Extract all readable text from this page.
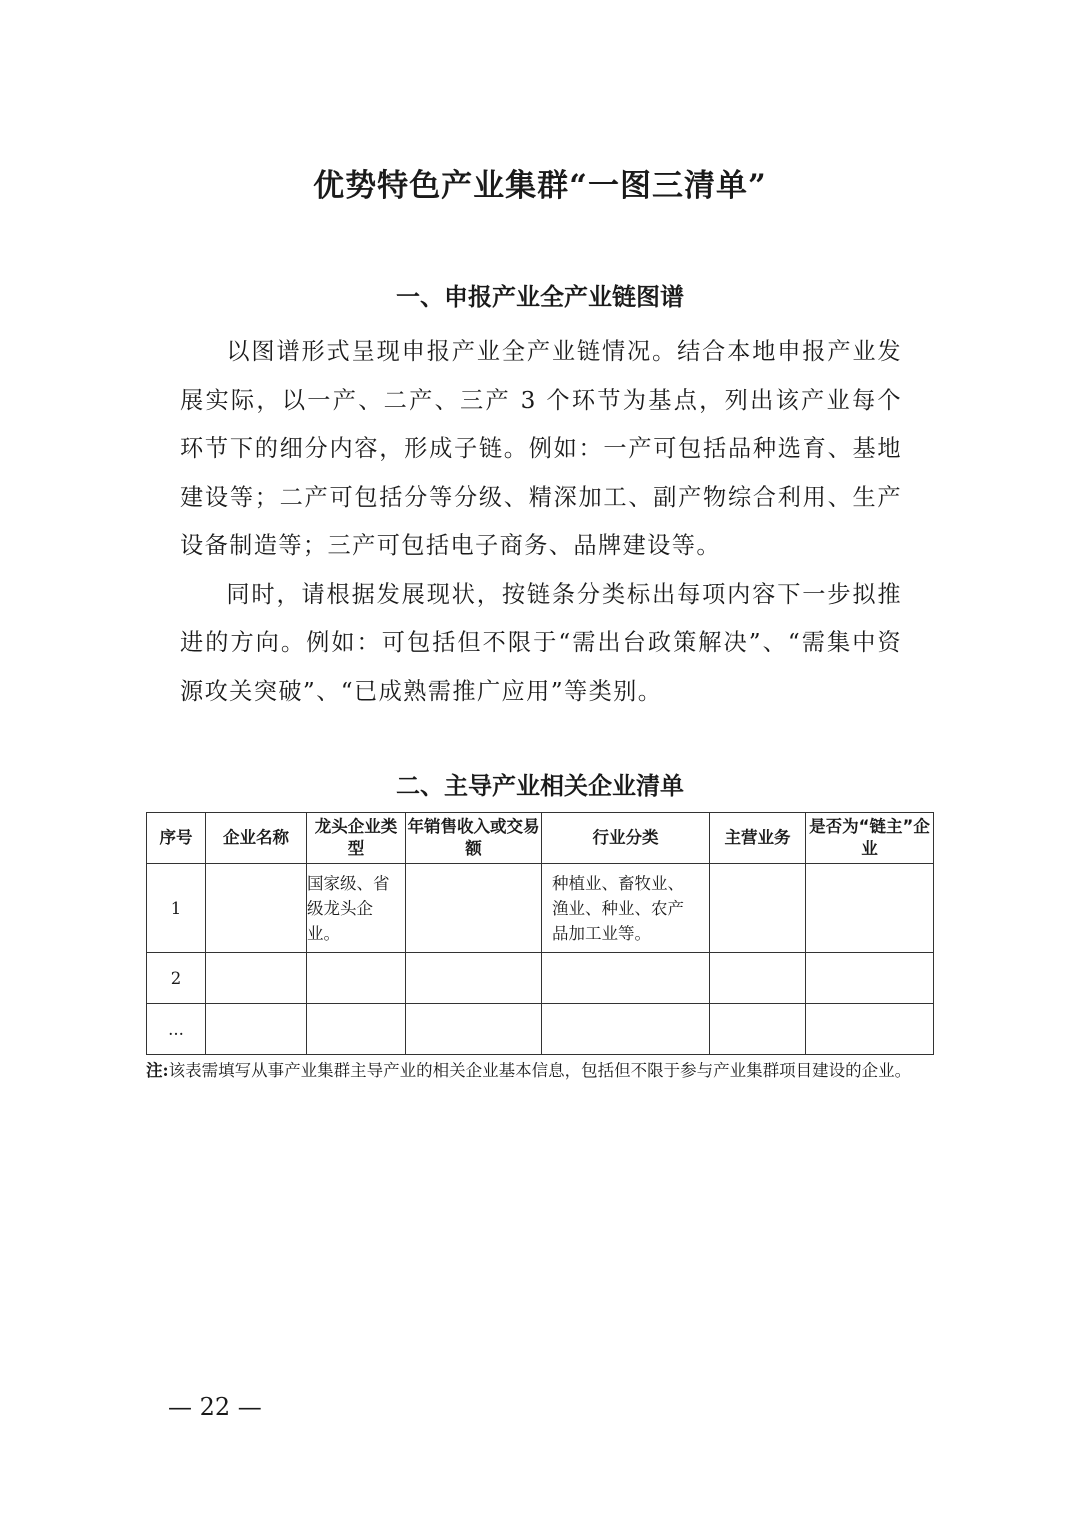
优势特色产业集群“一图三清单”
一、申报产业全产业链图谱

以图谱形式呈现申报产业全产业链情况。结合本地申报产业发展实际，以一产、二产、三产 3 个环节为基点，列出该产业每个环节下的细分内容，形成子链。例如：一产可包括品种选育、基地建设等；二产可包括分等分级、精深加工、副产物综合利用、生产设备制造等；三产可包括电子商务、品牌建设等。

同时，请根据发展现状，按链条分类标出每项内容下一步拟推进的方向。例如：可包括但不限于“需出台政策解决”、“需集中资源攻关突破”、“已成熟需推广应用”等类别。

二、主导产业相关企业清单
序号	企业名称	龙头企业类型	年销售收入或交易额	行业分类	主营业务	是否为“链主”企业
1		国家级、省级龙头企业。		种植业、畜牧业、渔业、种业、农产品加工业等。		
2						
...						
注:该表需填写从事产业集群主导产业的相关企业基本信息，包括但不限于参与产业集群项目建设的企业。
— 22 —
